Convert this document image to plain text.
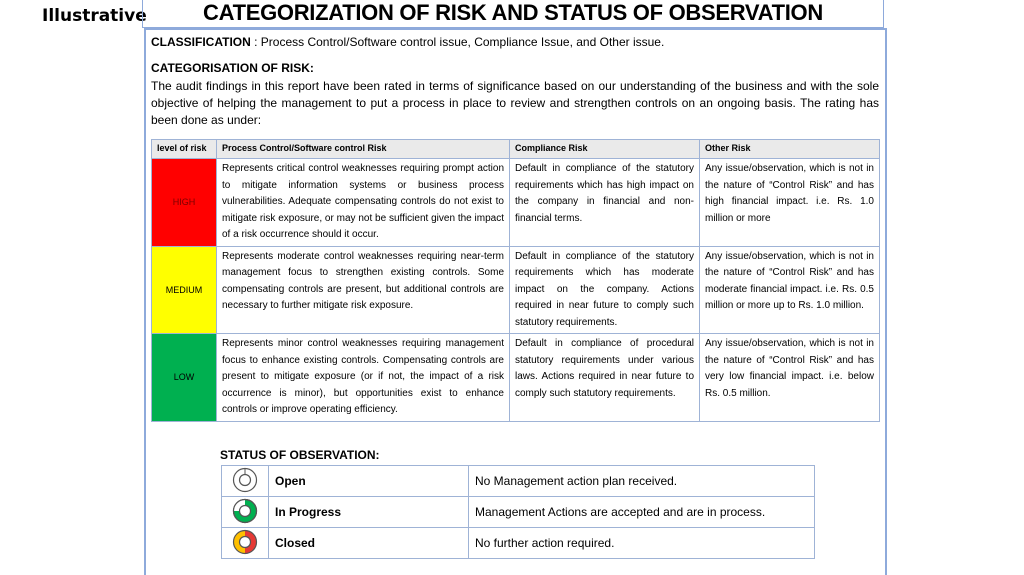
Illustrative	CATEGORIZATION OF RISK AND STATUS OF OBSERVATION
CLASSIFICATION : Process Control/Software control issue, Compliance Issue, and Other issue.
CATEGORISATION OF RISK:
The audit findings in this report have been rated in terms of significance based on our understanding of the business and with the sole objective of helping the management to put a process in place to review and strengthen controls on an ongoing basis. The rating has been done as under:
level of risk	Process Control/Software control Risk	Compliance Risk	Other Risk
HIGH	Represents critical control weaknesses requiring prompt action to mitigate information systems or business process vulnerabilities. Adequate compensating controls do not exist to mitigate risk exposure, or may not be sufficient given the impact of a risk occurrence should it occur.	Default in compliance of the statutory requirements which has high impact on the company in financial and non-financial terms.	Any issue/observation, which is not in the nature of “Control Risk” and has high financial impact. i.e. Rs. 1.0 million or more
MEDIUM	Represents moderate control weaknesses requiring near-term management focus to strengthen existing controls. Some compensating controls are present, but additional controls are necessary to further mitigate risk exposure.	Default in compliance of the statutory requirements which has moderate impact on the company. Actions required in near future to comply such statutory requirements.	Any issue/observation, which is not in the nature of “Control Risk” and has moderate financial impact. i.e. Rs. 0.5 million or more up to Rs. 1.0 million.
LOW	Represents minor control weaknesses requiring management focus to enhance existing controls. Compensating controls are present to mitigate exposure (or if not, the impact of a risk occurrence is minor), but opportunities exist to enhance controls or improve operating efficiency.	Default in compliance of procedural statutory requirements under various laws. Actions required in near future to comply such statutory requirements.	Any issue/observation, which is not in the nature of “Control Risk” and has very low financial impact. i.e. below Rs. 0.5 million.
STATUS OF OBSERVATION:
	Open	No Management action plan received.
	In Progress	Management Actions are accepted and are in process.
	Closed	No further action required.
